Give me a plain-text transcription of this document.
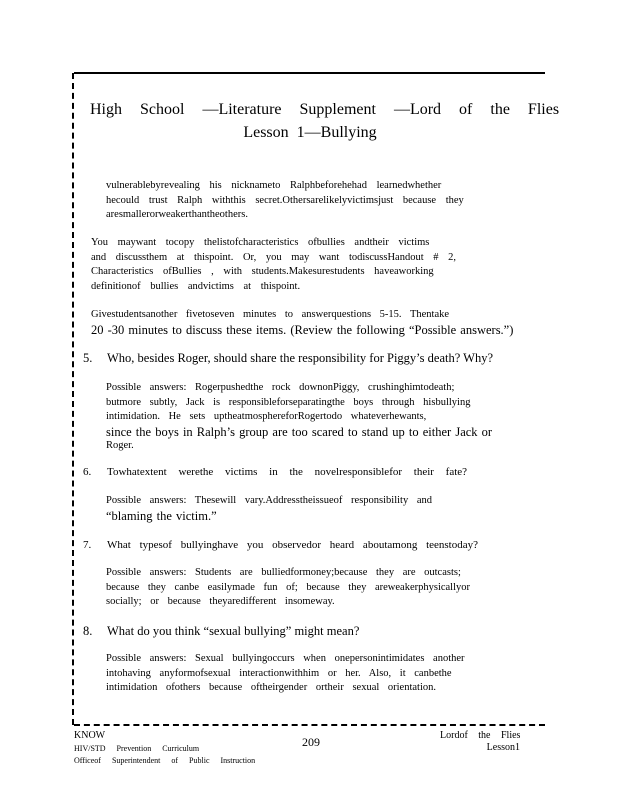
High School —Literature Supplement —Lord of the Flies
Lesson 1—Bullying

vulnerablebyrevealing his nicknameto Ralphbeforehehad learnedwhether

hecould trust Ralph withthis secret.Othersarelikelyvictimsjust because they

aresmallerorweakerthantheothers.

You maywant tocopy thelistofcharacteristics ofbullies andtheir victims

and discussthem at thispoint. Or, you may want todiscussHandout # 2,

Characteristics ofBullies , with students.Makesurestudents haveaworking

definitionof bullies andvictims at thispoint.

Givestudentsanother fivetoseven minutes to answerquestions 5-15. Thentake

20 -30 minutes to discuss these items. (Review the following “Possible answers.”)

5. Who, besides Roger, should share the responsibility for Piggy’s death? Why?

Possible answers: Rogerpushedthe rock downonPiggy, crushinghimtodeath;

butmore subtly, Jack is responsibleforseparatingthe boys through hisbullying

intimidation. He sets uptheatmosphereforRogertodo whateverhewants,

since the boys in Ralph’s group are too scared to stand up to either Jack or

Roger.

6. Towhatextent werethe victims in the novelresponsiblefor their fate?

Possible answers: Thesewill vary.Addresstheissueof responsibility and

“blaming the victim.”

7. What typesof bullyinghave you observedor heard aboutamong teenstoday?

Possible answers: Students are bulliedformoney;because they are outcasts;

because they canbe easilymade fun of; because they areweakerphysicallyor

socially; or because theyaredifferent insomeway.

8. What do you think “sexual bullying” might mean?

Possible answers: Sexual bullyingoccurs when onepersonintimidates another

intohaving anyformofsexual interactionwithhim or her. Also, it canbethe

intimidation ofothers because oftheirgender ortheir sexual orientation.

KNOW
HIV/STD Prevention Curriculum
Officeof Superintendent of Public Instruction
209	Lordof the Flies
Lesson1
